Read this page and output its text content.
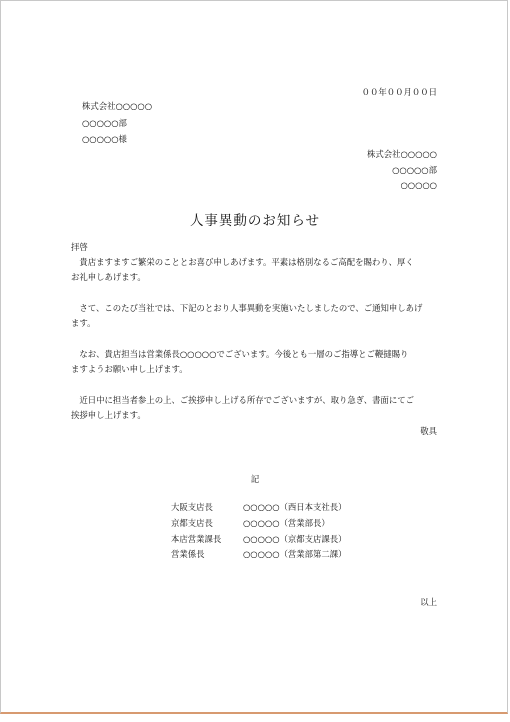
００年００月００日
株式会社○○○○○
○○○○○部
○○○○○様
株式会社○○○○○
○○○○○部
○○○○○
人事異動のお知らせ
拝啓
　貴店ますますご繁栄のこととお喜び申しあげます。平素は格別なるご高配を賜わり、厚く
お礼申しあげます。
　さて、このたび当社では、下記のとおり人事異動を実施いたしましたので、ご通知申しあげ
ます。
　なお、貴店担当は営業係長○○○○○でございます。今後とも一層のご指導とご鞭撻賜り
ますようお願い申し上げます。
　近日中に担当者参上の上、ご挨拶申し上げる所存でございますが、取り急ぎ、書面にてご
挨拶申し上げます。
敬具
記
大阪支店長	○○○○○（西日本支社長）
京都支店長	○○○○○（営業部長）
本店営業課長	○○○○○（京都支店課長）
営業係長	○○○○○（営業部第二課）
以上
